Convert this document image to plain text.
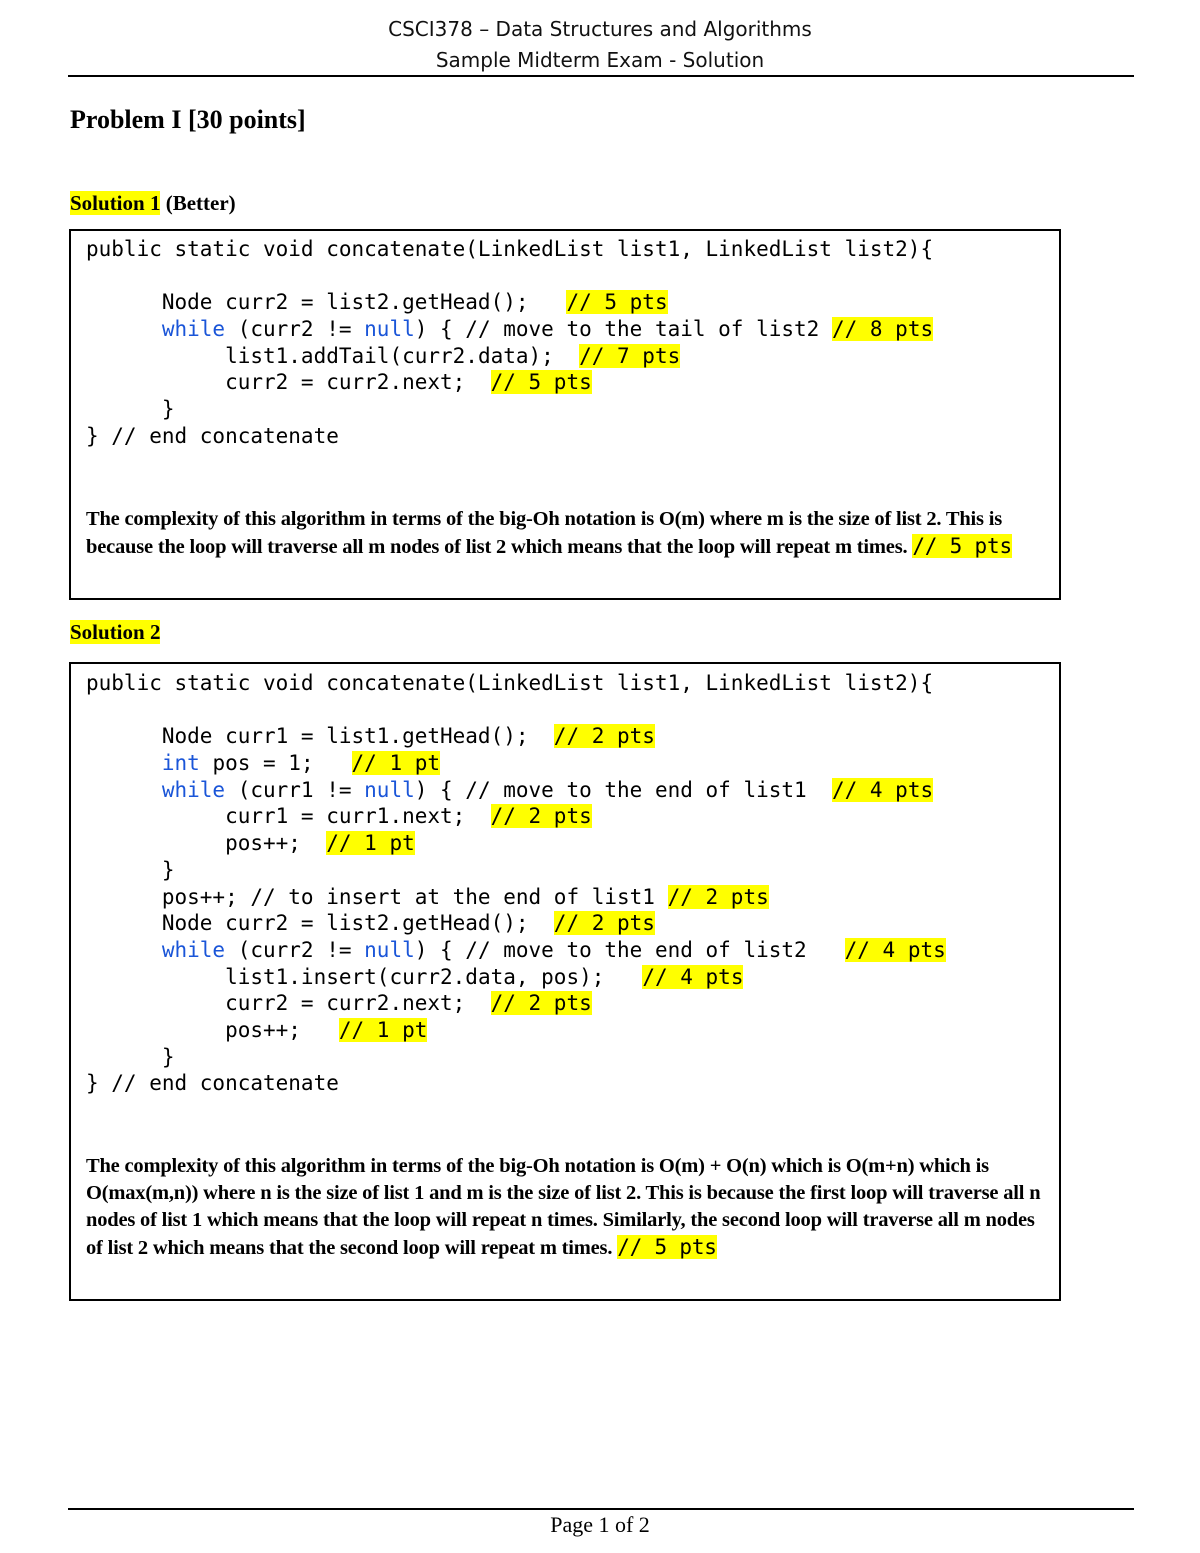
CSCI378 – Data Structures and Algorithms
Sample Midterm Exam - Solution
Problem I [30 points]
Solution 1 (Better)
public static void concatenate(LinkedList list1, LinkedList list2){
Node curr2 = list2.getHead();   // 5 pts
while (curr2 != null) { // move to the tail of list2 // 8 pts
list1.addTail(curr2.data);  // 7 pts
curr2 = curr2.next;  // 5 pts
}
} // end concatenate
The complexity of this algorithm in terms of the big-Oh notation is O(m) where m is the size of list 2. This is because the loop will traverse all m nodes of list 2 which means that the loop will repeat m times. // 5 pts
Solution 2
public static void concatenate(LinkedList list1, LinkedList list2){
Node curr1 = list1.getHead();  // 2 pts
int pos = 1;   // 1 pt
while (curr1 != null) { // move to the end of list1  // 4 pts
curr1 = curr1.next;  // 2 pts
pos++;  // 1 pt
}
pos++; // to insert at the end of list1 // 2 pts
Node curr2 = list2.getHead();  // 2 pts
while (curr2 != null) { // move to the end of list2   // 4 pts
list1.insert(curr2.data, pos);   // 4 pts
curr2 = curr2.next;  // 2 pts
pos++;   // 1 pt
}
} // end concatenate
The complexity of this algorithm in terms of the big-Oh notation is O(m) + O(n) which is O(m+n) which is O(max(m,n)) where n is the size of list 1 and m is the size of list 2. This is because the first loop will traverse all n nodes of list 1 which means that the loop will repeat n times. Similarly, the second loop will traverse all m nodes of list 2 which means that the second loop will repeat m times. // 5 pts
Page 1 of 2
